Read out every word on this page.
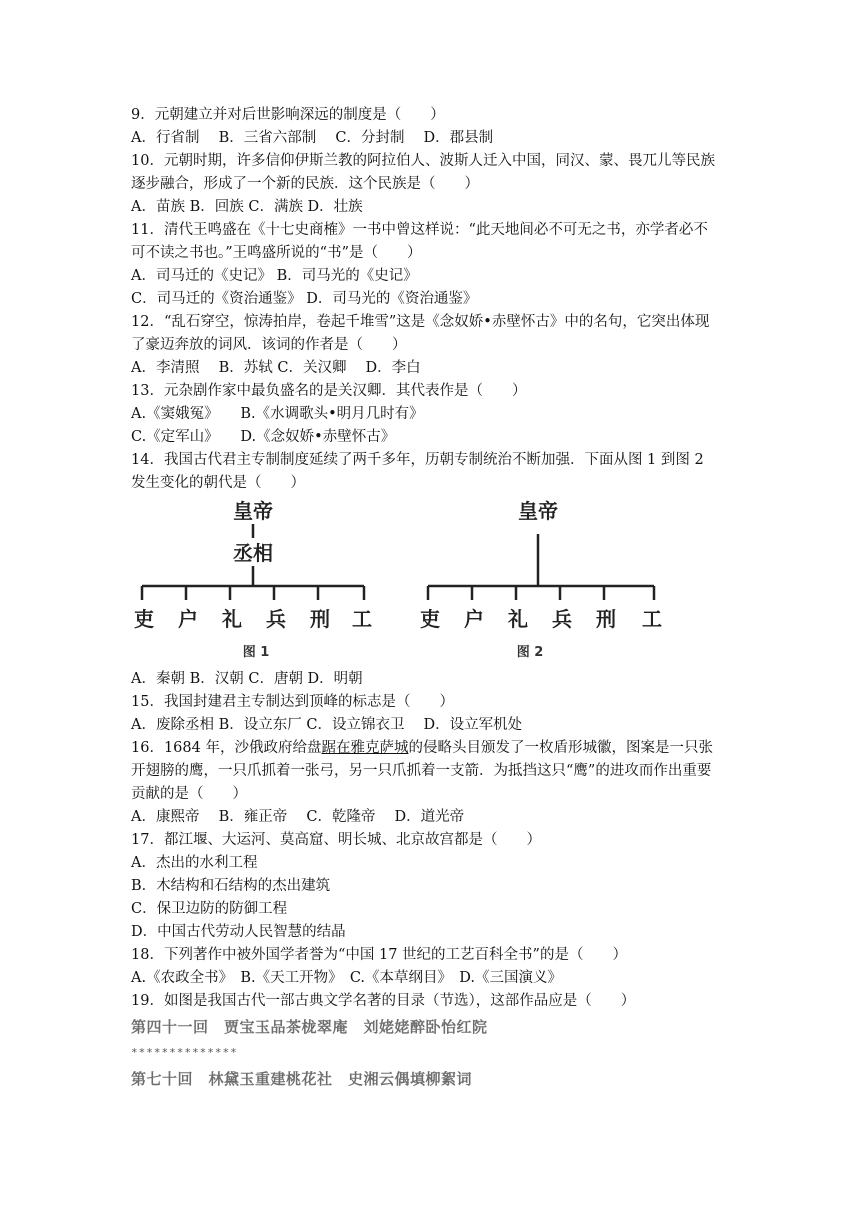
9．元朝建立并对后世影响深远的制度是（　　）
A．行省制　 B．三省六部制　 C．分封制　 D．郡县制
10．元朝时期，许多信仰伊斯兰教的阿拉伯人、波斯人迁入中国，同汉、蒙、畏兀儿等民族
逐步融合，形成了一个新的民族．这个民族是（　　）
A．苗族 B．回族 C．满族 D．壮族
11．清代王鸣盛在《十七史商榷》一书中曾这样说：“此天地间必不可无之书，亦学者必不
可不读之书也。”王鸣盛所说的“书”是（　　）
A．司马迁的《史记》 B．司马光的《史记》
C．司马迁的《资治通鉴》 D．司马光的《资治通鉴》
12．“乱石穿空，惊涛拍岸，卷起千堆雪”这是《念奴娇•赤壁怀古》中的名句，它突出体现
了豪迈奔放的词风．该词的作者是（　　）
A．李清照　 B．苏轼 C．关汉卿　 D．李白
13．元杂剧作家中最负盛名的是关汉卿．其代表作是（　　）
A.《窦娥冤》　　B.《水调歌头•明月几时有》
C.《定军山》　　D.《念奴娇•赤壁怀古》
14．我国古代君主专制制度延续了两千多年，历朝专制统治不断加强．下面从图 1 到图 2
发生变化的朝代是（　　）
皇帝
丞相
吏 户 礼 兵 刑 工
图 1
皇帝
吏 户 礼 兵 刑 工
图 2
A．秦朝 B．汉朝 C．唐朝 D．明朝
15．我国封建君主专制达到顶峰的标志是（　　）
A．废除丞相 B．设立东厂 C．设立锦衣卫　 D．设立军机处
16．1684 年，沙俄政府给盘踞在雅克萨城的侵略头目颁发了一枚盾形城徽，图案是一只张
开翅膀的鹰，一只爪抓着一张弓，另一只爪抓着一支箭．为抵挡这只“鹰”的进攻而作出重要
贡献的是（　　）
A．康熙帝　 B．雍正帝　 C．乾隆帝　 D．道光帝
17．都江堰、大运河、莫高窟、明长城、北京故宫都是（　　）
A．杰出的水利工程
B．木结构和石结构的杰出建筑
C．保卫边防的防御工程
D．中国古代劳动人民智慧的结晶
18．下列著作中被外国学者誉为“中国 17 世纪的工艺百科全书”的是（　　）
A.《农政全书》　B.《天工开物》　C.《本草纲目》　D.《三国演义》
19．如图是我国古代一部古典文学名著的目录（节选），这部作品应是（　　）
第四十一回　贾宝玉品茶栊翠庵　刘姥姥醉卧怡红院
**************
第七十回　林黛玉重建桃花社　史湘云偶填柳絮词
